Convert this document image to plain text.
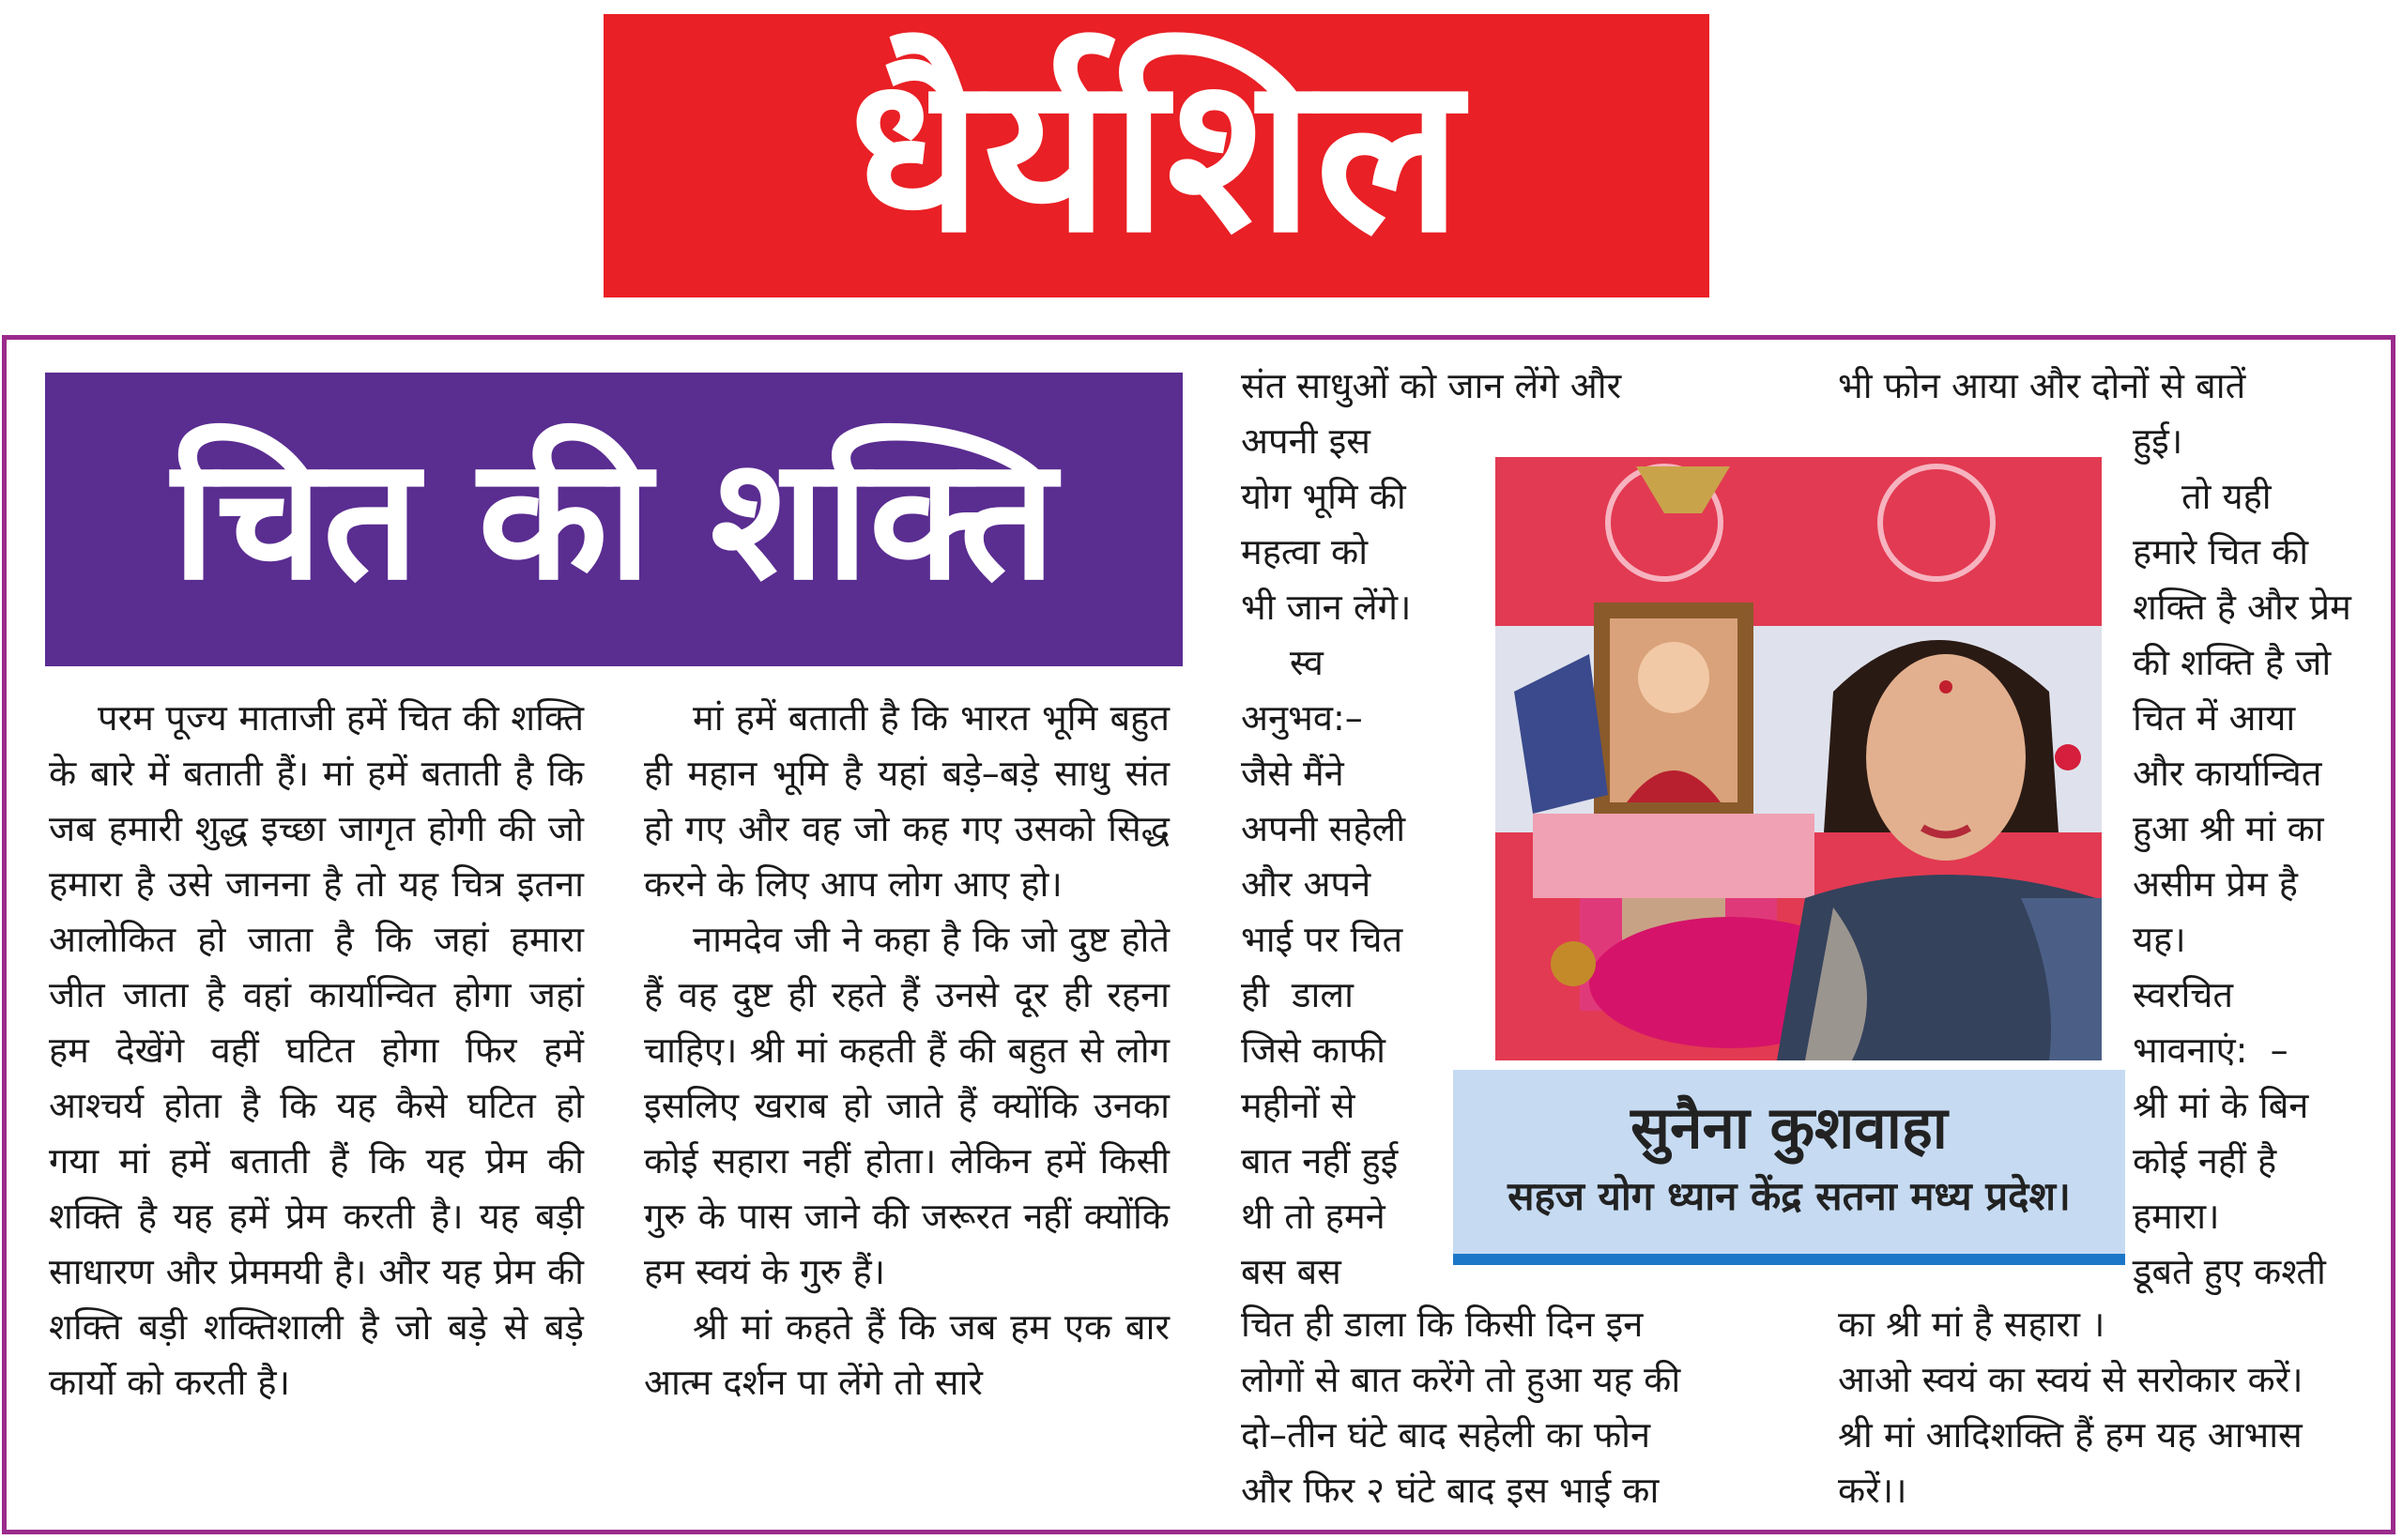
धैर्यशिल
चित की शक्ति

परम पूज्य माताजी हमें चित की शक्ति के बारे में बताती हैं। मां हमें बताती है कि जब हमारी शुद्ध इच्छा जागृत होगी की जो हमारा है उसे जानना है तो यह चित्र इतना आलोकित हो जाता है कि जहां हमारा जीत जाता है वहां कार्यान्वित होगा जहां हम देखेंगे वहीं घटित होगा फिर हमें आश्चर्य होता है कि यह कैसे घटित हो गया मां हमें बताती हैं कि यह प्रेम की शक्ति है यह हमें प्रेम करती है। यह बड़ी साधारण और प्रेममयी है। और यह प्रेम की शक्ति बड़ी शक्तिशाली है जो बड़े से बड़े कार्यो को करती है।

मां हमें बताती है कि भारत भूमि बहुत ही महान भूमि है यहां बड़े–बड़े साधु संत हो गए और वह जो कह गए उसको सिद्ध करने के लिए आप लोग आए हो।

नामदेव जी ने कहा है कि जो दुष्ट होते हैं वह दुष्ट ही रहते हैं उनसे दूर ही रहना चाहिए। श्री मां कहती हैं की बहुत से लोग इसलिए खराब हो जाते हैं क्योंकि उनका कोई सहारा नहीं होता। लेकिन हमें किसी गुरु के पास जाने की जरूरत नहीं क्योंकि हम स्वयं के गुरु हैं।

श्री मां कहते हैं कि जब हम एक बार आत्म दर्शन पा लेंगे तो सारे

संत साधुओं को जान लेंगे और
अपनी इस
योग भूमि की
महत्वा को
भी जान लेंगे।
स्व
अनुभव:–
जैसे मैंने
अपनी सहेली
और अपने
भाई पर चित
ही  डाला
जिसे काफी
महीनों से
बात नहीं हुई
थी तो हमने
बस बस
चित ही डाला कि किसी दिन इन
लोगों से बात करेंगे तो हुआ यह की
दो–तीन घंटे बाद सहेली का फोन
और फिर २ घंटे बाद इस भाई का
भी फोन आया और दोनों से बातें
हुई।
तो यही
हमारे चित की
शक्ति है और प्रेम
की शक्ति है जो
चित में आया
और कार्यान्वित
हुआ श्री मां का
असीम प्रेम है
यह।
स्वरचित
भावनाएं:  –
श्री मां के बिन
कोई नहीं है
हमारा।
डूबते हुए कश्ती
का श्री मां है सहारा ।
आओ स्वयं का स्वयं से सरोकार करें।
श्री मां आदिशक्ति हैं हम यह आभास
करें।।
सुनैना कुशवाहा
सहज योग ध्यान केंद्र सतना मध्य प्रदेश।
